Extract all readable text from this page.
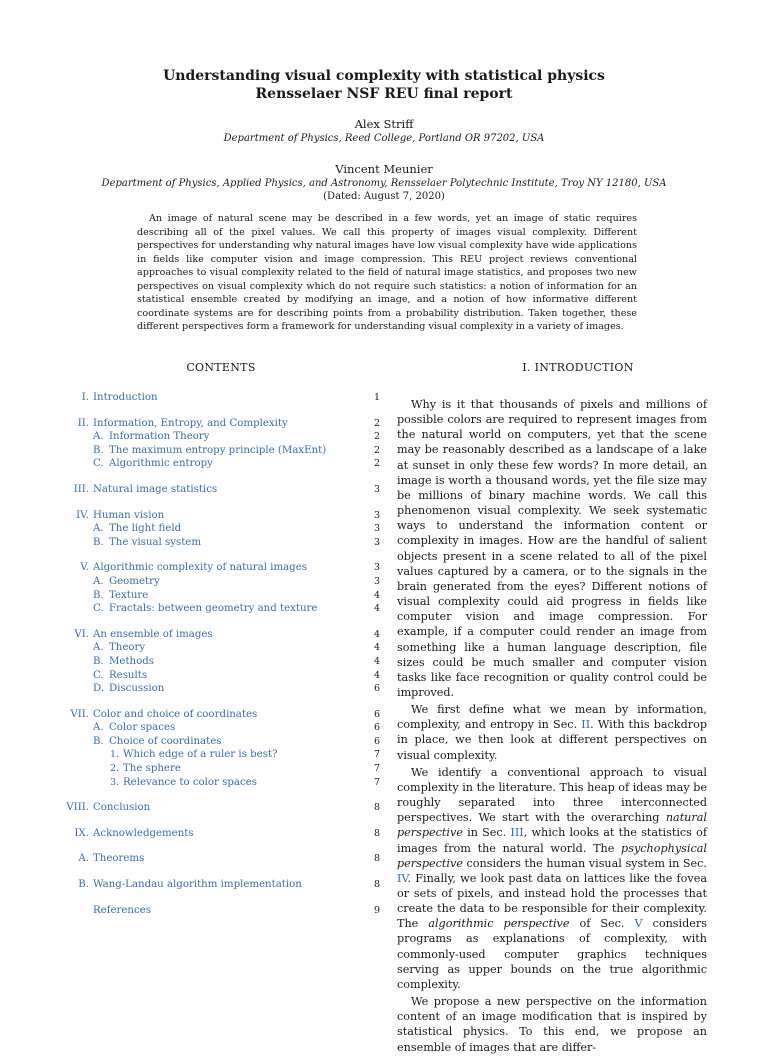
Understanding visual complexity with statistical physics
Rensselaer NSF REU final report
Alex Striff
Department of Physics, Reed College, Portland OR 97202, USA
Vincent Meunier
Department of Physics, Applied Physics, and Astronomy, Rensselaer Polytechnic Institute, Troy NY 12180, USA
(Dated: August 7, 2020)

An image of natural scene may be described in a few words, yet an image of static requires describing all of the pixel values. We call this property of images visual complexity. Different perspectives for understanding why natural images have low visual complexity have wide applications in fields like computer vision and image compression. This REU project reviews conventional approaches to visual complexity related to the field of natural image statistics, and proposes two new perspectives on visual complexity which do not require such statistics: a notion of information for an statistical ensemble created by modifying an image, and a notion of how informative different coordinate systems are for describing points from a probability distribution. Taken together, these different perspectives form a framework for understanding visual complexity in a variety of images.

CONTENTS	I. INTRODUCTION
I. Introduction	1
II. Information, Entropy, and Complexity	2
A. Information Theory	2
B. The maximum entropy principle (MaxEnt)	2
C. Algorithmic entropy	2
III. Natural image statistics	3
IV. Human vision	3
A. The light field	3
B. The visual system	3
V. Algorithmic complexity of natural images	3
A. Geometry	3
B. Texture	4
C. Fractals: between geometry and texture	4
VI. An ensemble of images	4
A. Theory	4
B. Methods	4
C. Results	4
D. Discussion	6
VII. Color and choice of coordinates	6
A. Color spaces	6
B. Choice of coordinates	6
1. Which edge of a ruler is best?	7
2. The sphere	7
3. Relevance to color spaces	7
VIII. Conclusion	8
IX. Acknowledgements	8
A. Theorems	8
B. Wang-Landau algorithm implementation	8
References	9

Why is it that thousands of pixels and millions of possible colors are required to represent images from the natural world on computers, yet that the scene may be reasonably described as a landscape of a lake at sunset in only these few words? In more detail, an image is worth a thousand words, yet the file size may be millions of binary machine words. We call this phenomenon visual complexity. We seek systematic ways to understand the information content or complexity in images. How are the handful of salient objects present in a scene related to all of the pixel values captured by a camera, or to the signals in the brain generated from the eyes? Different notions of visual complexity could aid progress in fields like computer vision and image compression. For example, if a computer could render an image from something like a human language description, file sizes could be much smaller and computer vision tasks like face recognition or quality control could be improved.

We first define what we mean by information, complexity, and entropy in Sec. II. With this backdrop in place, we then look at different perspectives on visual complexity.

We identify a conventional approach to visual complexity in the literature. This heap of ideas may be roughly separated into three interconnected perspectives. We start with the overarching natural perspective in Sec. III, which looks at the statistics of images from the natural world. The psychophysical perspective considers the human visual system in Sec. IV. Finally, we look past data on lattices like the fovea or sets of pixels, and instead hold the processes that create the data to be responsible for their complexity. The algorithmic perspective of Sec. V considers programs as explanations of complexity, with commonly-used computer graphics techniques serving as upper bounds on the true algorithmic complexity.

We propose a new perspective on the information content of an image modification that is inspired by statistical physics. To this end, we propose an ensemble of images that are differ-
